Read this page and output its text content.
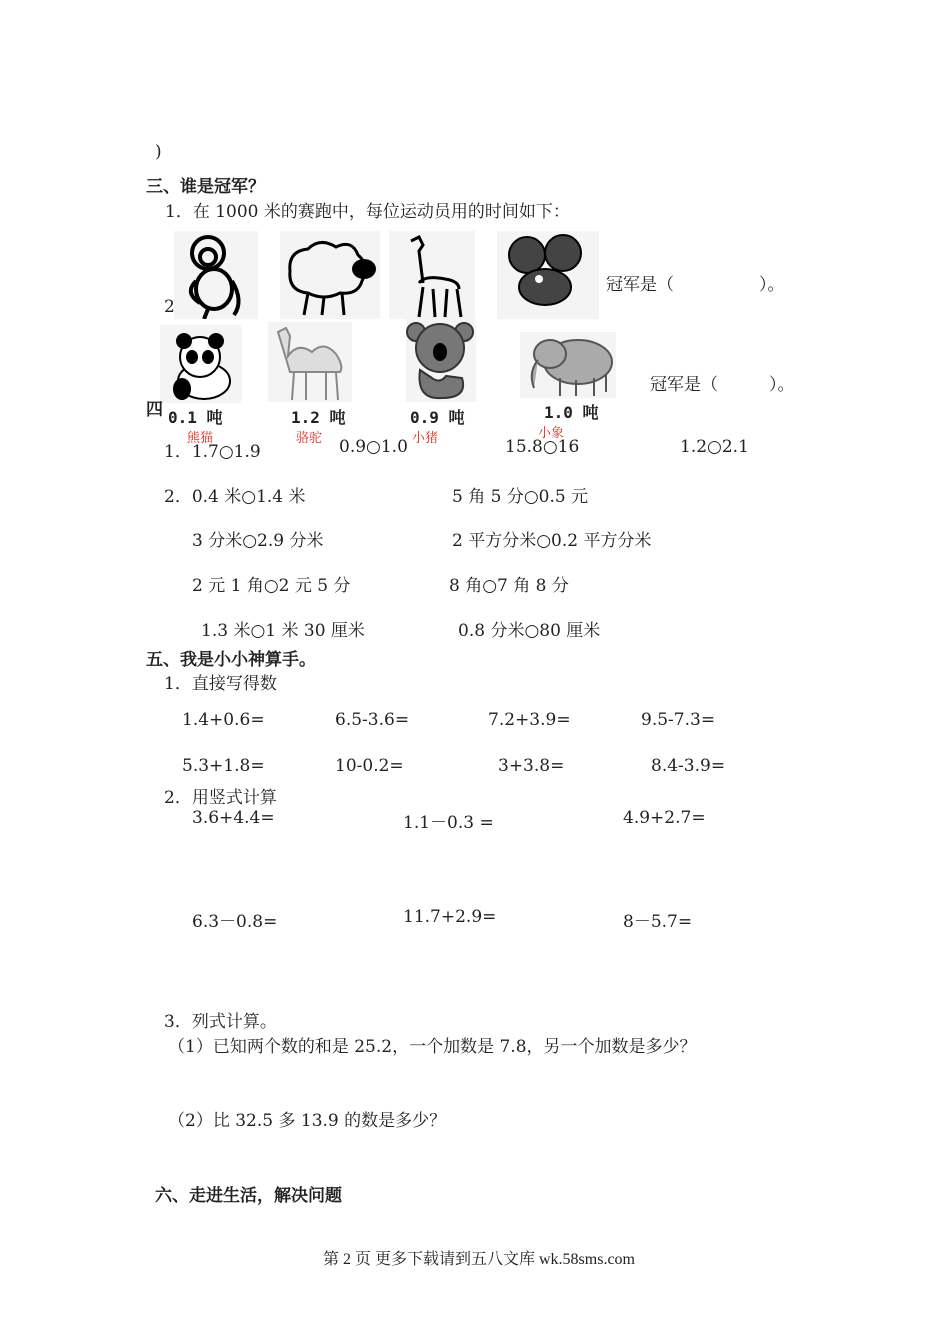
)
三、谁是冠军？
1．在 1000 米的赛跑中，每位运动员用的时间如下：
冠军是（　　　　　）。
2
冠军是（　　　）。
四 0.1 吨	1.2 吨	0.9 吨	1.0 吨
熊猫	骆驼	小猪	小象
1．1.7○1.9	0.9○1.0	15.8○16	1.2○2.1
2．0.4 米○1.4 米	5 角 5 分○0.5 元
3 分米○2.9 分米	2 平方分米○0.2 平方分米
2 元 1 角○2 元 5 分	8 角○7 角 8 分
1.3 米○1 米 30 厘米	0.8 分米○80 厘米
五、我是小小神算手。
1．直接写得数
1.4+0.6=	6.5-3.6=	7.2+3.9=	9.5-7.3=
5.3+1.8=	10-0.2=	3+3.8=	8.4-3.9=
2．用竖式计算
3.6+4.4=	1.1－0.3 =	4.9+2.7=
6.3－0.8=	11.7+2.9=	8－5.7=
3．列式计算。
（1）已知两个数的和是 25.2，一个加数是 7.8，另一个加数是多少？
（2）比 32.5 多 13.9 的数是多少？
六、走进生活，解决问题
第 2 页 更多下载请到五八文库 wk.58sms.com
